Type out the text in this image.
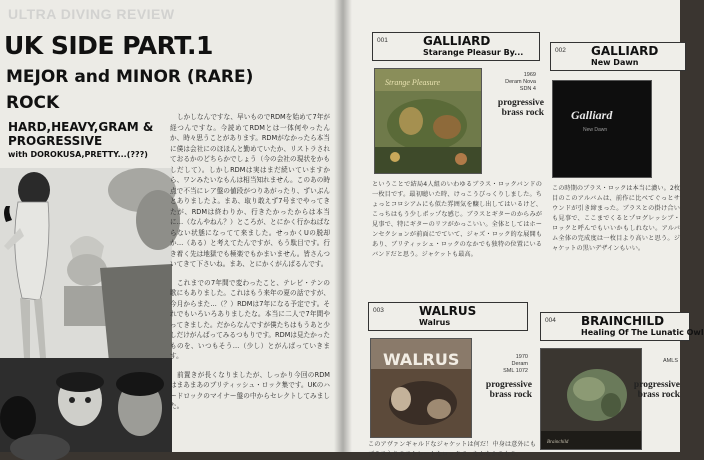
ULTRA DIVING REVIEW
UK SIDE PART.1
MEJOR and MINOR (RARE)
ROCK
HARD,HEAVY,GRAM &
PROGRESSIVE
with DOROKUSA,PRETTY...(???)

しかしなんですな、早いものでRDMを始めて7年が経つんですな。今読めてRDMとは一体何やったんか、時々思うことがあります。RDMがなかったら本当に僕は会社にのほほんと勤めていたか、リストラされておるかのどちらかでしょう（今の会社の現状をかもしだして）。しかしRDMは実はまだ続いていますから、ワンみたいなもんは相当知れません。このあの時点で不当にレア盤の値段がつりあがったり、ずいぶんとありましたよ。まあ、取り敢えず7号までやってきたが、RDMは終わりか、行きたかったからは本当に…（なんやねん？）ところが、とにかく行かねばならない状態になってて来ました。せっかくUの脱却か…（ある）と考えてたんですが、もう駄目です。行き着く先は地獄でも極楽でもかまいません。皆さんついてきて下さいね。まあ、とにかくがんばるんです。

これまでの7年間で変わったこと、テレビ・テンの歌にもありました。これはもう来年の夏の話ですが、今月からまた…（？）RDMは7年になる予定です。それでもいろいろありましたな。本当に二人で7年間やってきました。だからなんですが僕たちはもうあと少しだけがんばってみるつもりです。RDMは見たかったものを、いつもそう…（少し）とがんばっていきます。

前置きが長くなりましたが、しっかり今回のRDMはまあまあのブリティッシュ・ロック集です。UKのハードロックのマイナー盤の中からセレクトしてみました。

001	GALLIARD
Starange Pleasur By...
Strange Pleasure
1969
Deram Nova
SDN 4
progressive
brass rock
ということで結局4人組のいわゆるブラス・ロックバンドの一枚目です。最初聴いた時、けっこうびっくりしました。ちょっとコロシアムにも似た雰囲気を醸し出してはいるけど、こっちはもう少しポップな感じ。ブラスとギターのからみが見事で、特にギターのリフがかっこいい。全体としてはホーンセクションが前面にでていて、ジャズ・ロック的な展開もあり、ブリティッシュ・ロックのなかでも独特の位置にいるバンドだと思う。ジャケットも最高。
002 GALLIARD
New Dawn
Galliard
New Dawn
この時期のブラス・ロックは本当に濃い。2枚目のこのアルバムは、前作に比べてぐっとサウンドが引き締まった。ブラスとの掛け合いも見事で、ここまでくるとプログレッシブ・ロックと呼んでもいいかもしれない。アルバム全体の完成度は一枚目より高いと思う。ジャケットの黒いデザインもいい。
003	WALRUS
Walrus
WALRUS	1970
Deram
SML 1072
progressive
brass rock
このアヴァンギャルドなジャケットは何だ！中身は意外にもブラス入りのストレートなロックで、なかなかのもの。
004 BRAINCHILD
Healing Of The Lunatic Owl
Brainchild
AMLS
progressive
brass rock
